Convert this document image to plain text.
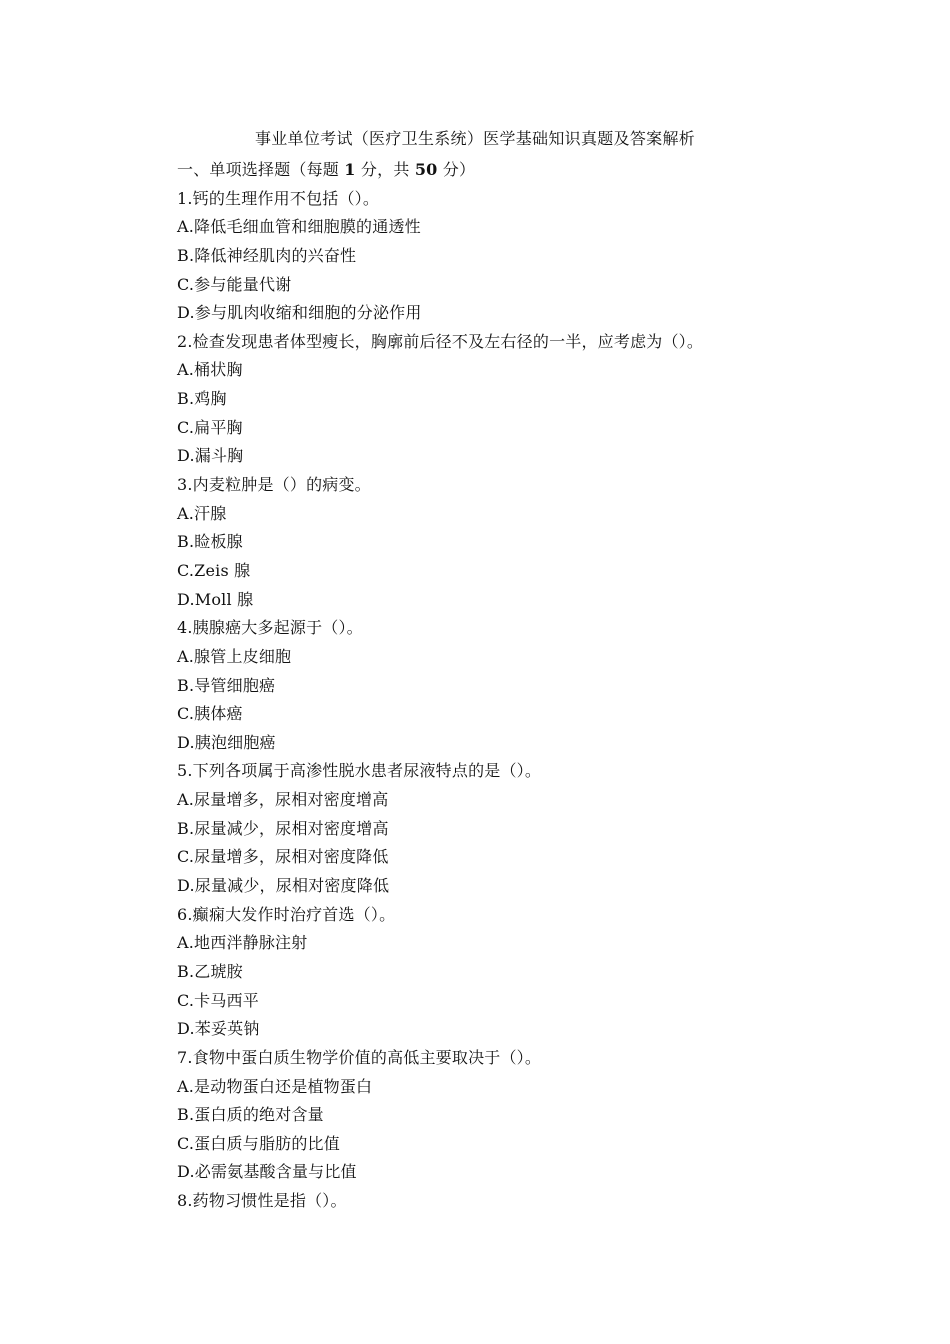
事业单位考试（医疗卫生系统）医学基础知识真题及答案解析
一、单项选择题（每题 1 分，共 50 分）
1.钙的生理作用不包括（）。
A.降低毛细血管和细胞膜的通透性
B.降低神经肌肉的兴奋性
C.参与能量代谢
D.参与肌肉收缩和细胞的分泌作用
2.检查发现患者体型瘦长，胸廓前后径不及左右径的一半，应考虑为（）。
A.桶状胸
B.鸡胸
C.扁平胸
D.漏斗胸
3.内麦粒肿是（）的病变。
A.汗腺
B.睑板腺
C.Zeis 腺
D.Moll 腺
4.胰腺癌大多起源于（）。
A.腺管上皮细胞
B.导管细胞癌
C.胰体癌
D.胰泡细胞癌
5.下列各项属于高渗性脱水患者尿液特点的是（）。
A.尿量增多，尿相对密度增高
B.尿量减少，尿相对密度增高
C.尿量增多，尿相对密度降低
D.尿量减少，尿相对密度降低
6.癫痫大发作时治疗首选（）。
A.地西泮静脉注射
B.乙琥胺
C.卡马西平
D.苯妥英钠
7.食物中蛋白质生物学价值的高低主要取决于（）。
A.是动物蛋白还是植物蛋白
B.蛋白质的绝对含量
C.蛋白质与脂肪的比值
D.必需氨基酸含量与比值
8.药物习惯性是指（）。
